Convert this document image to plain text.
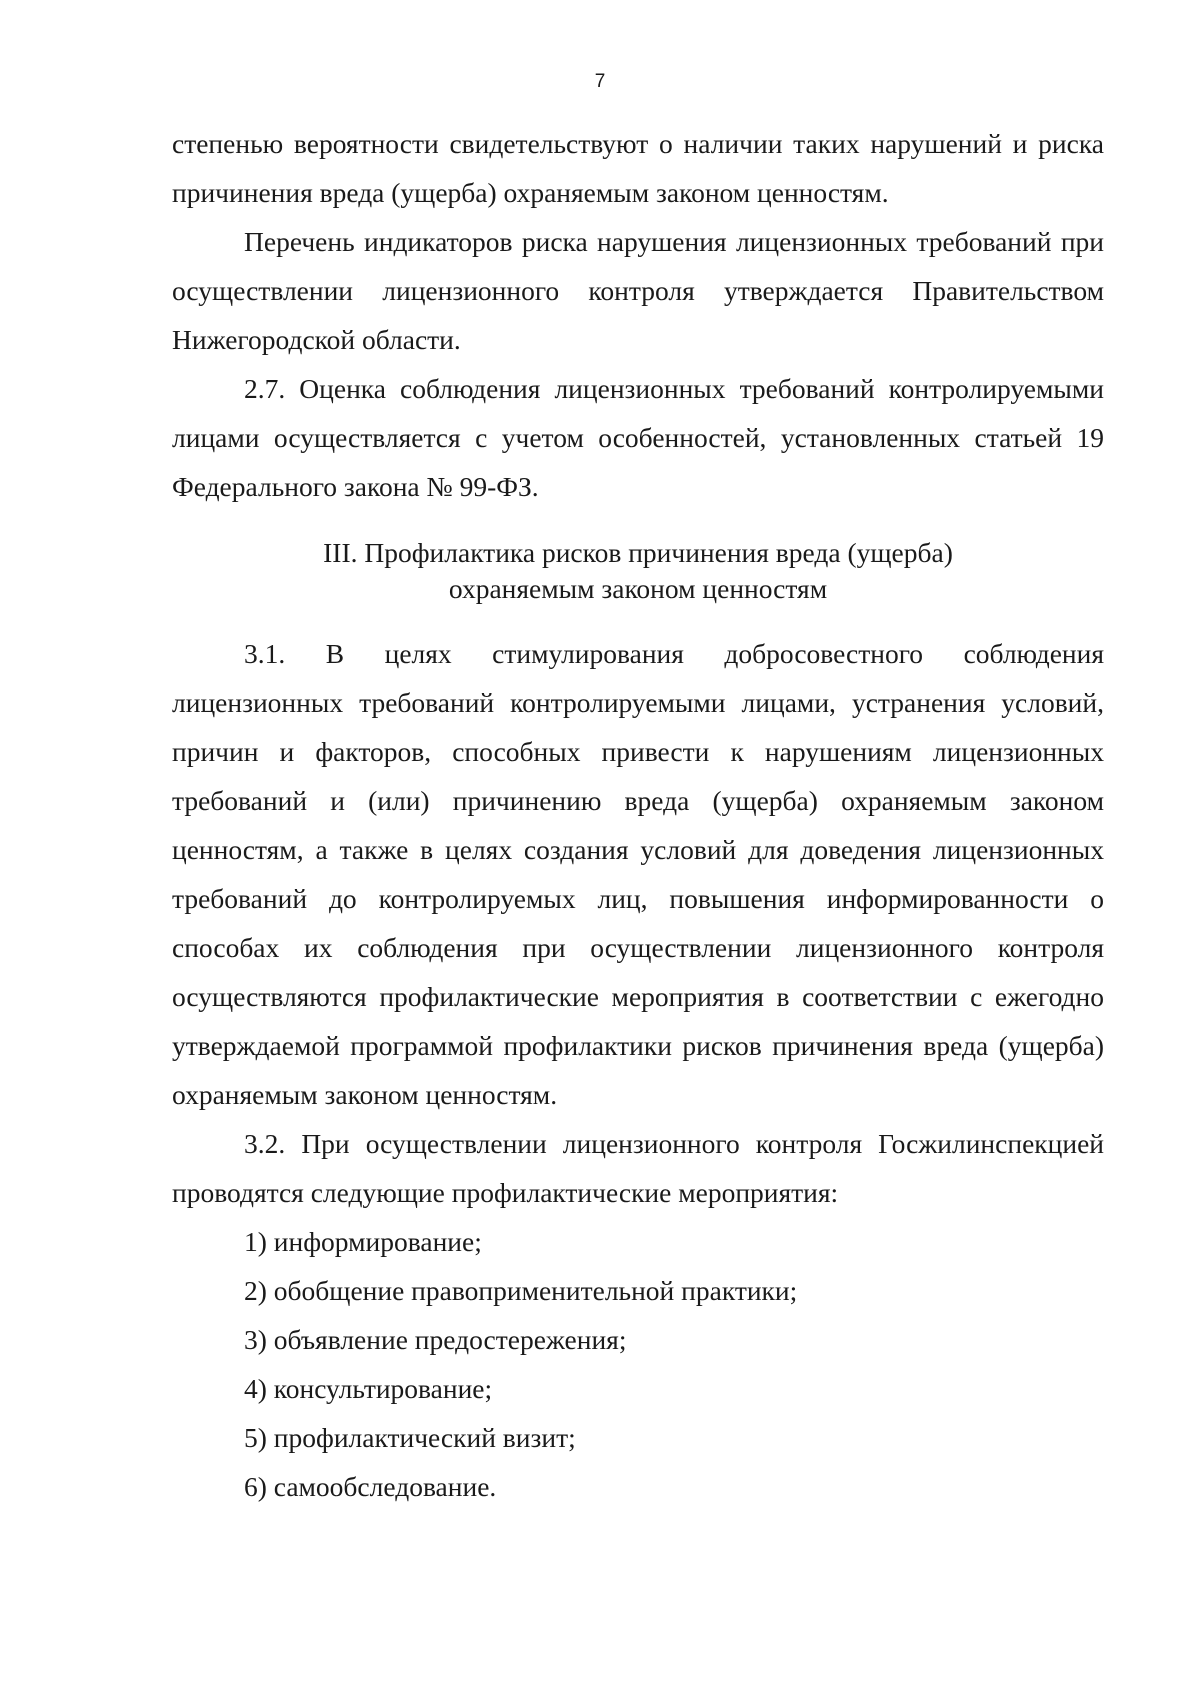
7

степенью вероятности свидетельствуют о наличии таких нарушений и риска причинения вреда (ущерба) охраняемым законом ценностям.

Перечень индикаторов риска нарушения лицензионных требований при осуществлении лицензионного контроля утверждается Правительством Нижегородской области.

2.7. Оценка соблюдения лицензионных требований контролируемыми лицами осуществляется с учетом особенностей, установленных статьей 19 Федерального закона № 99-ФЗ.

III. Профилактика рисков причинения вреда (ущерба)
охраняемым законом ценностям

3.1. В целях стимулирования добросовестного соблюдения лицензионных требований контролируемыми лицами, устранения условий, причин и факторов, способных привести к нарушениям лицензионных требований и (или) причинению вреда (ущерба) охраняемым законом ценностям, а также в целях создания условий для доведения лицензионных требований до контролируемых лиц, повышения информированности о способах их соблюдения при осуществлении лицензионного контроля осуществляются профилактические мероприятия в соответствии с ежегодно утверждаемой программой профилактики рисков причинения вреда (ущерба) охраняемым законом ценностям.

3.2. При осуществлении лицензионного контроля Госжилинспекцией проводятся следующие профилактические мероприятия:

1) информирование;

2) обобщение правоприменительной практики;

3) объявление предостережения;

4) консультирование;

5) профилактический визит;

6) самообследование.
